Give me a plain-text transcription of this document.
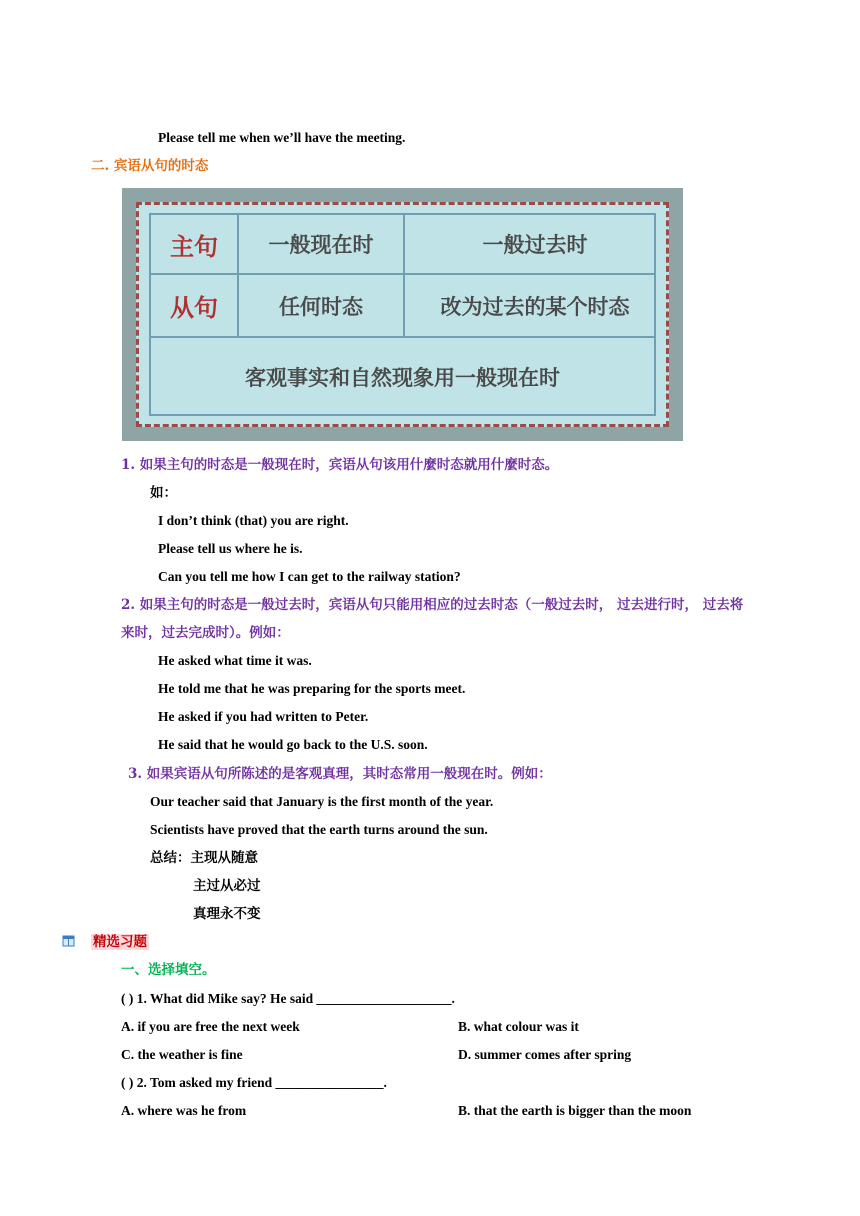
Please tell me when we’ll have the meeting.
二. 宾语从句的时态
主句	一般现在时	一般过去时
从句	任何时态	改为过去的某个时态
客观事实和自然现象用一般现在时
1. 如果主句的时态是一般现在时，宾语从句该用什麼时态就用什麼时态。
如：
I don’t think (that) you are right.
Please tell us where he is.
Can you tell me how I can get to the railway station?
2. 如果主句的时态是一般过去时，宾语从句只能用相应的过去时态（一般过去时， 过去进行时， 过去将
来时，过去完成时）。例如：
He asked what time it was.
He told me that he was preparing for the sports meet.
He asked if you had written to Peter.
He said that he would go back to the U.S. soon.
3. 如果宾语从句所陈述的是客观真理，其时态常用一般现在时。例如：
Our teacher said that January is the first month of the year.
Scientists have proved that the earth turns around the sun.
总结：主现从随意
主过从必过
真理永不变
精选习题
一、选择填空。
( ) 1. What did Mike say? He said ____________________.
A. if you are free the next week	B. what colour was it
C. the weather is fine	D. summer comes after spring
( ) 2. Tom asked my friend ________________.
A. where was he from	B. that the earth is bigger than the moon
